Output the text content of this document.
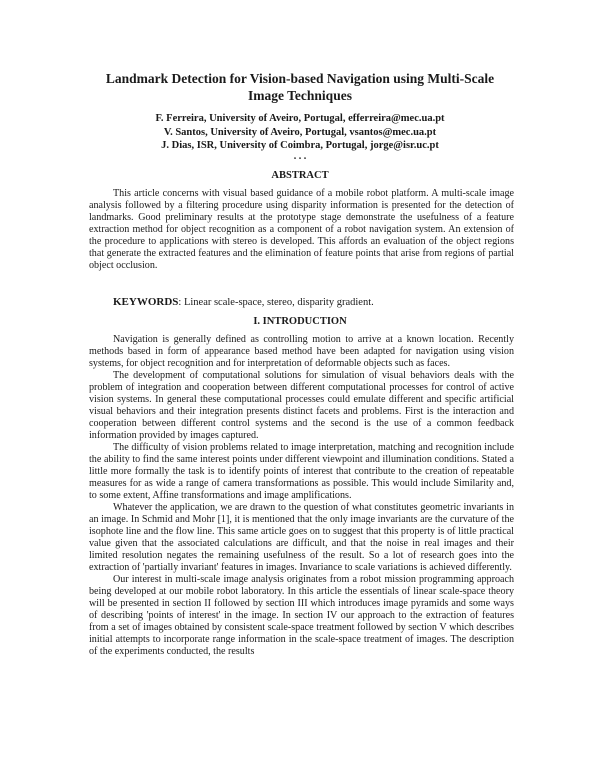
Landmark Detection for Vision-based Navigation using Multi-Scale Image Techniques
F. Ferreira, University of Aveiro, Portugal, efferreira@mec.ua.pt
V. Santos, University of Aveiro, Portugal, vsantos@mec.ua.pt
J. Dias, ISR, University of Coimbra, Portugal, jorge@isr.uc.pt
. . .
ABSTRACT

This article concerns with visual based guidance of a mobile robot platform. A multi-scale image analysis followed by a filtering procedure using disparity information is presented for the detection of landmarks. Good preliminary results at the prototype stage demonstrate the usefulness of a feature extraction method for object recognition as a component of a robot navigation system. An extension of the procedure to applications with stereo is developed. This affords an evaluation of the object regions that generate the extracted features and the elimination of feature points that arise from regions of partial object occlusion.

KEYWORDS: Linear scale-space, stereo, disparity gradient.
I. INTRODUCTION

Navigation is generally defined as controlling motion to arrive at a known location. Recently methods based in form of appearance based method have been adapted for navigation using vision systems, for object recognition and for interpretation of deformable objects such as faces.

The development of computational solutions for simulation of visual behaviors deals with the problem of integration and cooperation between different computational processes for control of active vision systems. In general these computational processes could emulate different and specific artificial visual behaviors and their integration presents distinct facets and problems. First is the interaction and cooperation between different control systems and the second is the use of a common feedback information provided by images captured.

The difficulty of vision problems related to image interpretation, matching and recognition include the ability to find the same interest points under different viewpoint and illumination conditions. Stated a little more formally the task is to identify points of interest that contribute to the creation of repeatable measures for as wide a range of camera transformations as possible. This would include Similarity and, to some extent, Affine transformations and image amplifications.

Whatever the application, we are drawn to the question of what constitutes geometric invariants in an image. In Schmid and Mohr [1], it is mentioned that the only image invariants are the curvature of the isophote line and the flow line. This same article goes on to suggest that this property is of little practical value given that the associated calculations are difficult, and that the noise in real images and their limited resolution negates the remaining usefulness of the result. So a lot of research goes into the extraction of 'partially invariant' features in images. Invariance to scale variations is achieved differently.

Our interest in multi-scale image analysis originates from a robot mission programming approach being developed at our mobile robot laboratory. In this article the essentials of linear scale-space theory will be presented in section II followed by section III which introduces image pyramids and some ways of describing 'points of interest' in the image. In section IV our approach to the extraction of features from a set of images obtained by consistent scale-space treatment followed by section V which describes initial attempts to incorporate range information in the scale-space treatment of images. The description of the experiments conducted, the results
